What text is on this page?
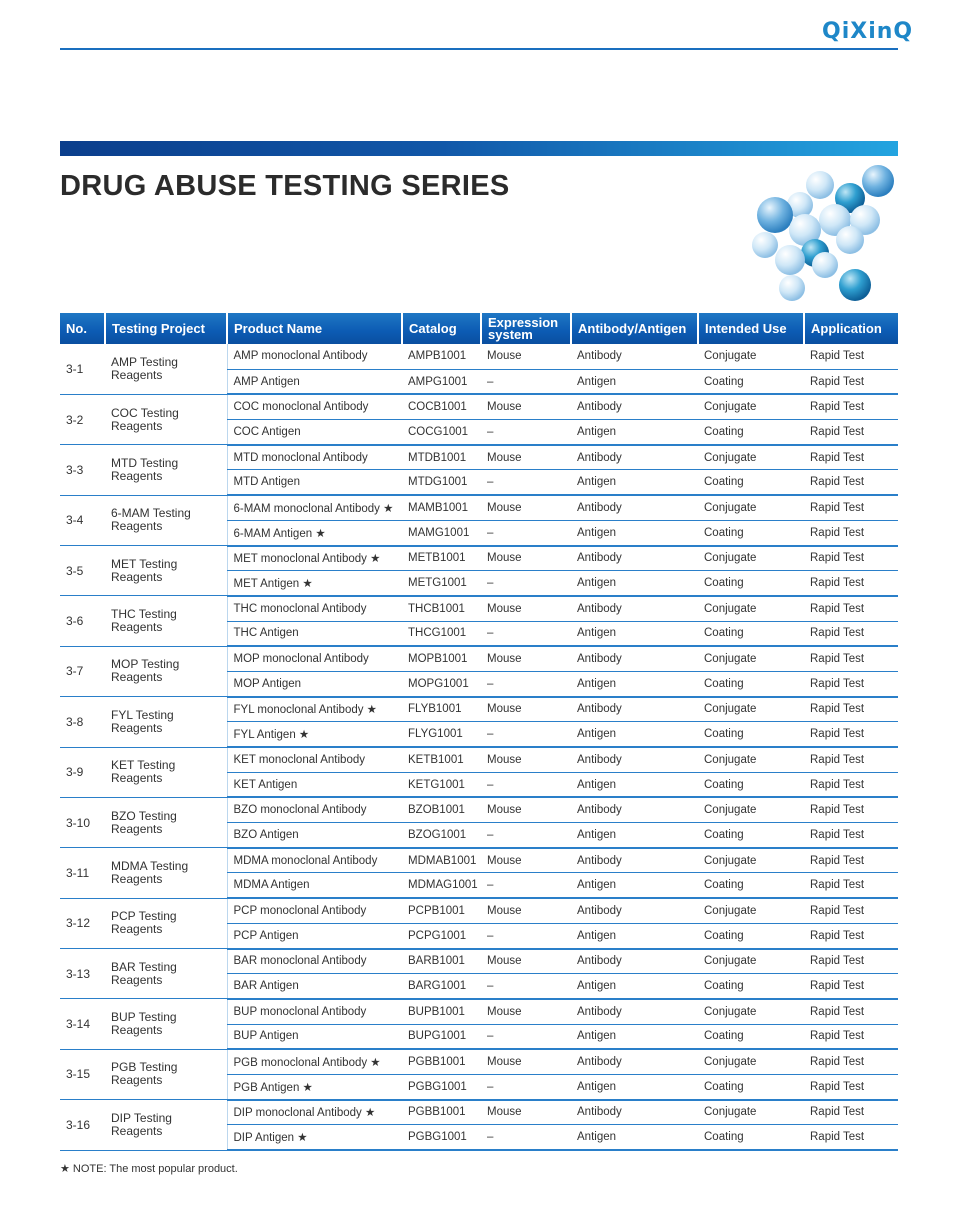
QiXinQ
DRUG ABUSE TESTING SERIES
No.	Testing Project	Product Name	Catalog	Expression system	Antibody/Antigen	Intended Use	Application
3-1	AMP Testing Reagents	AMP monoclonal Antibody	AMPB1001	Mouse	Antibody	Conjugate	Rapid Test
		AMP Antigen	AMPG1001	–	Antigen	Coating	Rapid Test
3-2	COC Testing Reagents	COC monoclonal Antibody	COCB1001	Mouse	Antibody	Conjugate	Rapid Test
		COC Antigen	COCG1001	–	Antigen	Coating	Rapid Test
3-3	MTD Testing Reagents	MTD monoclonal Antibody	MTDB1001	Mouse	Antibody	Conjugate	Rapid Test
		MTD Antigen	MTDG1001	–	Antigen	Coating	Rapid Test
3-4	6-MAM Testing Reagents	6-MAM monoclonal Antibody ★	MAMB1001	Mouse	Antibody	Conjugate	Rapid Test
		6-MAM Antigen ★	MAMG1001	–	Antigen	Coating	Rapid Test
3-5	MET Testing Reagents	MET monoclonal Antibody ★	METB1001	Mouse	Antibody	Conjugate	Rapid Test
		MET Antigen ★	METG1001	–	Antigen	Coating	Rapid Test
3-6	THC Testing Reagents	THC monoclonal Antibody	THCB1001	Mouse	Antibody	Conjugate	Rapid Test
		THC Antigen	THCG1001	–	Antigen	Coating	Rapid Test
3-7	MOP Testing Reagents	MOP monoclonal Antibody	MOPB1001	Mouse	Antibody	Conjugate	Rapid Test
		MOP Antigen	MOPG1001	–	Antigen	Coating	Rapid Test
3-8	FYL Testing Reagents	FYL monoclonal Antibody ★	FLYB1001	Mouse	Antibody	Conjugate	Rapid Test
		FYL Antigen ★	FLYG1001	–	Antigen	Coating	Rapid Test
3-9	KET Testing Reagents	KET monoclonal Antibody	KETB1001	Mouse	Antibody	Conjugate	Rapid Test
		KET Antigen	KETG1001	–	Antigen	Coating	Rapid Test
3-10	BZO Testing Reagents	BZO monoclonal Antibody	BZOB1001	Mouse	Antibody	Conjugate	Rapid Test
		BZO Antigen	BZOG1001	–	Antigen	Coating	Rapid Test
3-11	MDMA Testing Reagents	MDMA monoclonal Antibody	MDMAB1001	Mouse	Antibody	Conjugate	Rapid Test
		MDMA Antigen	MDMAG1001	–	Antigen	Coating	Rapid Test
3-12	PCP Testing Reagents	PCP monoclonal Antibody	PCPB1001	Mouse	Antibody	Conjugate	Rapid Test
		PCP Antigen	PCPG1001	–	Antigen	Coating	Rapid Test
3-13	BAR Testing Reagents	BAR monoclonal Antibody	BARB1001	Mouse	Antibody	Conjugate	Rapid Test
		BAR Antigen	BARG1001	–	Antigen	Coating	Rapid Test
3-14	BUP Testing Reagents	BUP monoclonal Antibody	BUPB1001	Mouse	Antibody	Conjugate	Rapid Test
		BUP Antigen	BUPG1001	–	Antigen	Coating	Rapid Test
3-15	PGB Testing Reagents	PGB monoclonal Antibody ★	PGBB1001	Mouse	Antibody	Conjugate	Rapid Test
		PGB Antigen ★	PGBG1001	–	Antigen	Coating	Rapid Test
3-16	DIP Testing Reagents	DIP monoclonal Antibody ★	PGBB1001	Mouse	Antibody	Conjugate	Rapid Test
		DIP Antigen ★	PGBG1001	–	Antigen	Coating	Rapid Test
★ NOTE: The most popular product.
